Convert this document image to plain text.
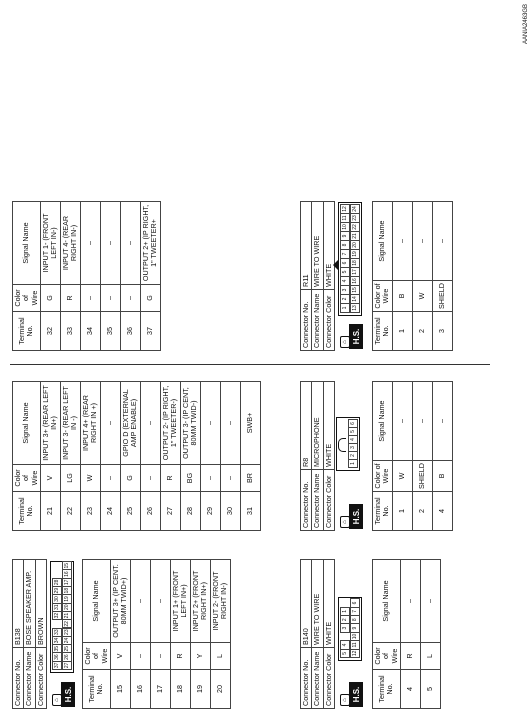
Connector No.	B138
Connector Name	BOSE SPEAKER AMP.
Connector Color	BROWN
⌂ H.S.
37
36
35
34
33
32
31
30
29
28
27
26
25
24
23
22
21
20
19
18
17
16
15
Terminal No.	Color of Wire	Signal Name
15	V	OUTPUT 3+ (IP CENT. 80MM TWID+)
16	–	–
17	–	–
18	R	INPUT 1+ (FRONT LEFT IN+)
19	Y	INPUT 2+ (FRONT RIGHT IN+)
20	L	INPUT 2- (FRONT RIGHT IN-)
Connector No.	B140
Connector Name	WIRE TO WIRE
Connector Color	WHITE
⌂ H.S.
5
4
3
2
1
12
11
10
9
8
7
6
Terminal No.	Color of Wire	Signal Name
4	R	–
5	L	–
Terminal No.	Color of Wire	Signal Name
21	V	INPUT 3+ (REAR LEFT IN+)
22	LG	INPUT 3- (REAR LEFT IN -)
23	W	INPUT 4+ (REAR RIGHT IN +)
24	–	–
25	G	GPIO D (EXTERNAL AMP ENABLE)
26	–	–
27	R	OUTPUT 2- (IP RIGHT, 1" TWEETER-)
28	BG	OUTPUT 3- (IP CENT, 80MM TWID-)
29	–	–
30	–	–
31	BR	SWB+
Connector No.	R8
Connector Name	MICROPHONE
Connector Color	WHITE
⌂ H.S.
1
2
3
4
5
6
Terminal No.	Color of Wire	Signal Name
1	W	–
2	SHIELD	–
4	B	–
Terminal No.	Color of Wire	Signal Name
32	G	INPUT 1- (FRONT LEFT IN-)
33	R	INPUT 4- (REAR RIGHT IN-)
34	–	–
35	–	–
36	–	–
37	G	OUTPUT 2+ (IP RIGHT, 1" TWEETER+
Connector No.	R11
Connector Name	WIRE TO WIRE
Connector Color	WHITE
⌂ H.S.
1
2
3
4
5
6
7
8
9
10
11
12
13
14
15
16
17
18
19
20
21
22
23
24
Terminal No.	Color of Wire	Signal Name
1	B	–
2	W	–
3	SHIELD	–
AANIA2463GB
